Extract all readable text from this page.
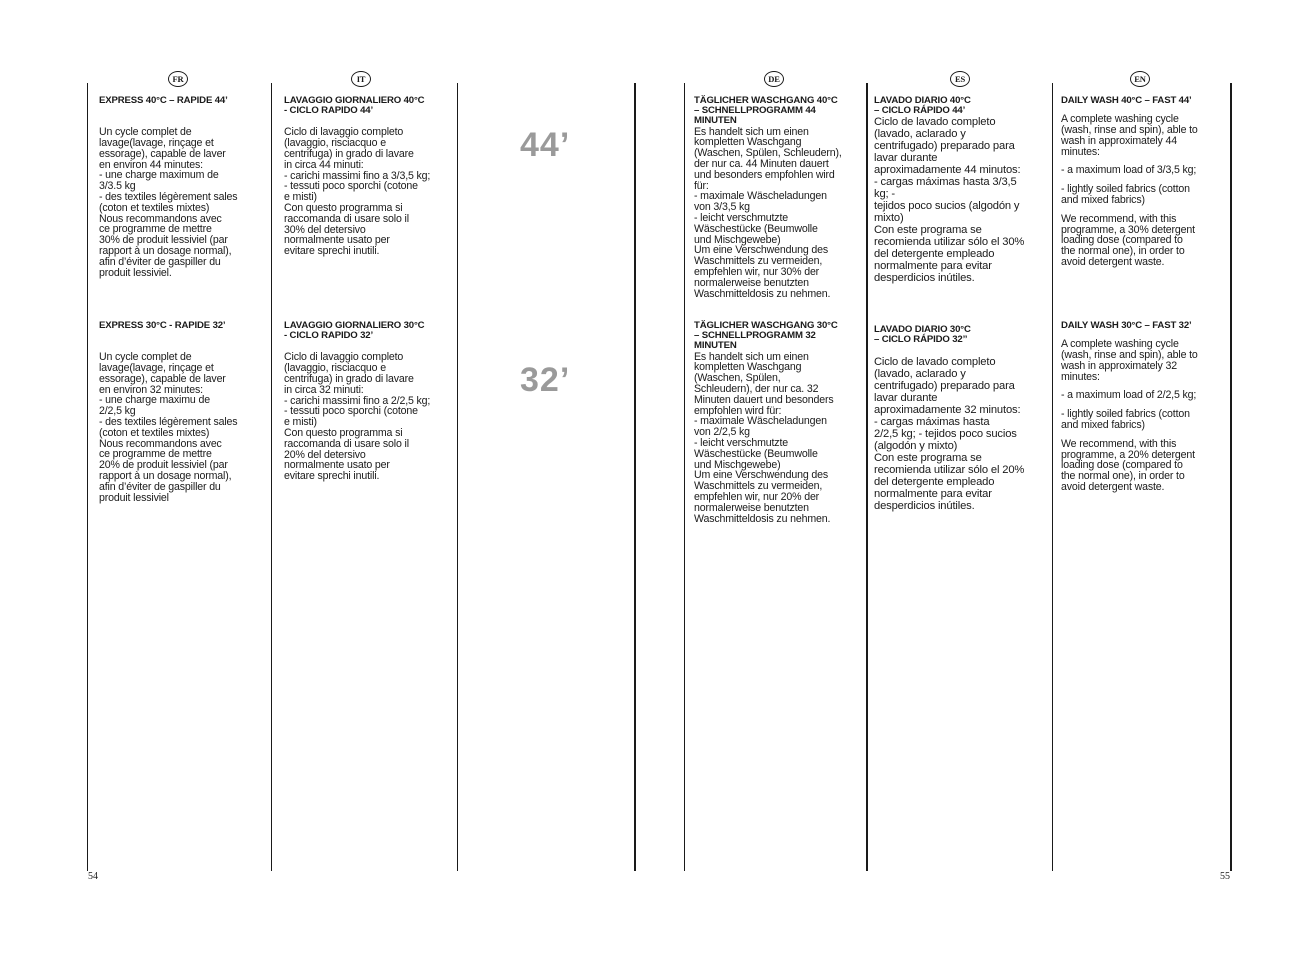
FR	IT	DE	ES	EN
44’
32’
EXPRESS 40°C – RAPIDE 44’
Un cycle complet de
lavage(lavage, rinçage et
essorage), capable de laver
en environ 44 minutes:
- une charge maximum de
3/3.5 kg
- des textiles légèrement sales
(coton et textiles mixtes)
Nous recommandons avec
ce programme de mettre
30% de produit lessiviel (par
rapport à un dosage normal),
afin d’éviter de gaspiller du
produit lessiviel.
EXPRESS 30°C - RAPIDE 32’
Un cycle complet de
lavage(lavage, rinçage et
essorage), capable de laver
en environ 32 minutes:
- une charge maximu de
2/2,5 kg
- des textiles légèrement sales
(coton et textiles mixtes)
Nous recommandons avec
ce programme de mettre
20% de produit lessiviel (par
rapport à un dosage normal),
afin d’éviter de gaspiller du
produit lessiviel
LAVAGGIO GIORNALIERO 40°C
- CICLO RAPIDO 44’
Ciclo di lavaggio completo
(lavaggio, risciacquo e
centrifuga) in grado di lavare
in circa 44 minuti:
- carichi massimi fino a 3/3,5 kg;
- tessuti poco sporchi (cotone
e misti)
Con questo programma si
raccomanda di usare solo il
30% del detersivo
normalmente usato per
evitare sprechi inutili.
LAVAGGIO GIORNALIERO 30°C
- CICLO RAPIDO 32’
Ciclo di lavaggio completo
(lavaggio, risciacquo e
centrifuga) in grado di lavare
in circa 32 minuti:
- carichi massimi fino a 2/2,5 kg;
- tessuti poco sporchi (cotone
e misti)
Con questo programma si
raccomanda di usare solo il
20% del detersivo
normalmente usato per
evitare sprechi inutili.
TÄGLICHER WASCHGANG 40°C
– SCHNELLPROGRAMM 44
MINUTEN
Es handelt sich um einen
kompletten Waschgang
(Waschen, Spülen, Schleudern),
der nur ca. 44 Minuten dauert
und besonders empfohlen wird
für:
- maximale Wäscheladungen
von 3/3,5 kg
- leicht verschmutzte
Wäschestücke (Beumwolle
und Mischgewebe)
Um eine Verschwendung des
Waschmittels zu vermeiden,
empfehlen wir, nur 30% der
normalerweise benutzten
Waschmitteldosis zu nehmen.
TÄGLICHER WASCHGANG 30°C
– SCHNELLPROGRAMM 32
MINUTEN
Es handelt sich um einen
kompletten Waschgang
(Waschen, Spülen,
Schleudern), der nur ca. 32
Minuten dauert und besonders
empfohlen wird für:
- maximale Wäscheladungen
von 2/2,5 kg
- leicht verschmutzte
Wäschestücke (Beumwolle
und Mischgewebe)
Um eine Verschwendung des
Waschmittels zu vermeiden,
empfehlen wir, nur 20% der
normalerweise benutzten
Waschmitteldosis zu nehmen.
LAVADO DIARIO 40°C
– CICLO RÁPIDO 44’
Ciclo de lavado completo
(lavado, aclarado y
centrifugado) preparado para
lavar durante
aproximadamente 44 minutos:
- cargas máximas hasta 3/3,5
kg; -
tejidos poco sucios (algodón y
mixto)
Con este programa se
recomienda utilizar sólo el 30%
del detergente empleado
normalmente para evitar
desperdicios inútiles.
LAVADO DIARIO 30°C
– CICLO RÁPIDO 32’’
Ciclo de lavado completo
(lavado, aclarado y
centrifugado) preparado para
lavar durante
aproximadamente 32 minutos:
- cargas máximas hasta
2/2,5 kg; - tejidos poco sucios
(algodón y mixto)
Con este programa se
recomienda utilizar sólo el 20%
del detergente empleado
normalmente para evitar
desperdicios inútiles.
DAILY WASH 40°C – FAST 44’
A complete washing cycle
(wash, rinse and spin), able to
wash in approximately 44
minutes:
- a maximum load of 3/3,5 kg;
- lightly soiled fabrics (cotton
and mixed fabrics)
We recommend, with this
programme, a 30% detergent
loading dose (compared to
the normal one), in order to
avoid detergent waste.
DAILY WASH 30°C – FAST 32’
A complete washing cycle
(wash, rinse and spin), able to
wash in approximately 32
minutes:
- a maximum load of 2/2,5 kg;
- lightly soiled fabrics (cotton
and mixed fabrics)
We recommend, with this
programme, a 20% detergent
loading dose (compared to
the normal one), in order to
avoid detergent waste.
54	55
